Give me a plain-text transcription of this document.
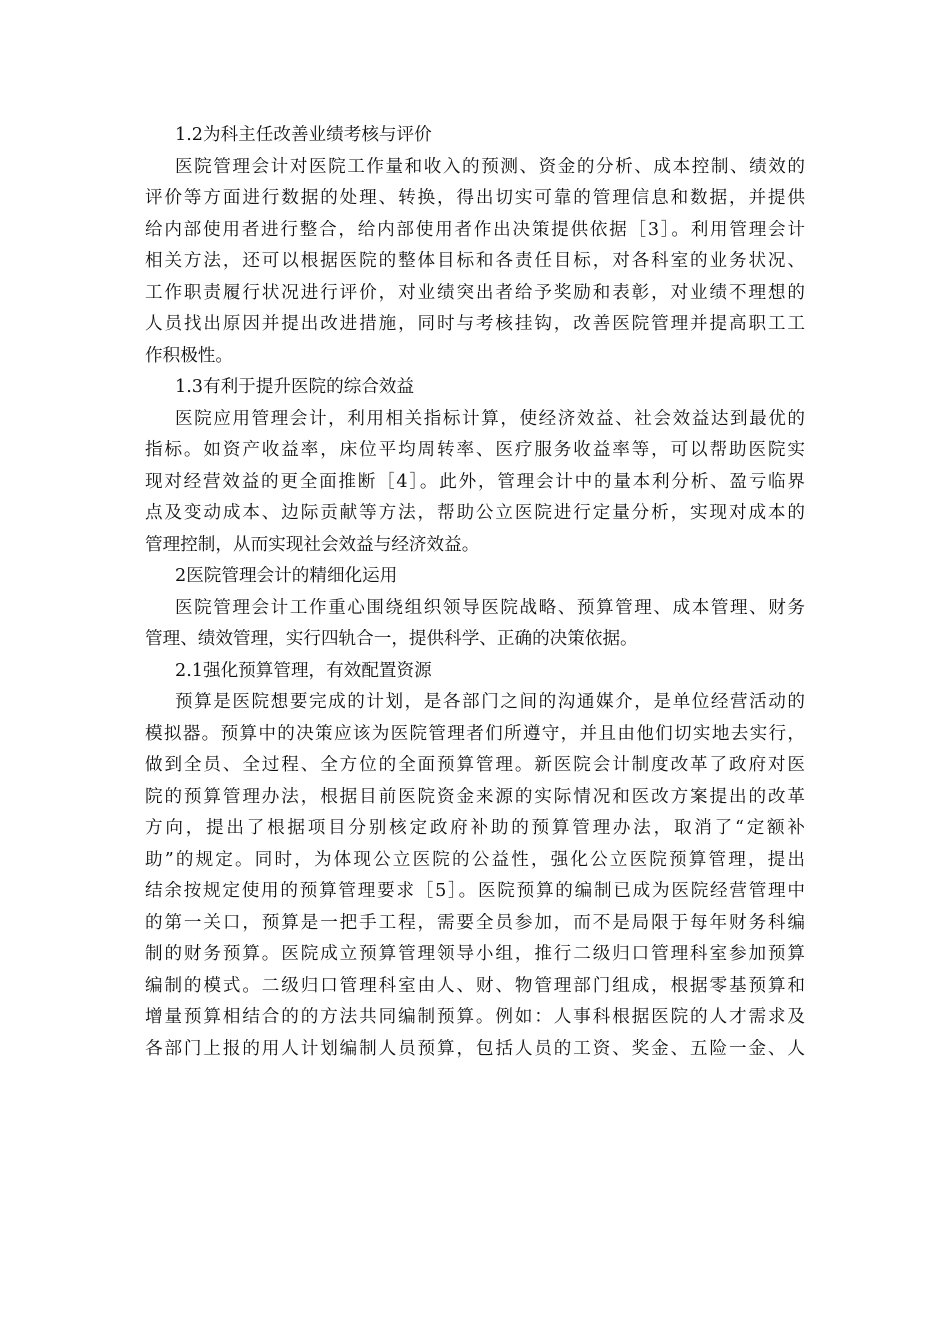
1.2为科主任改善业绩考核与评价
医院管理会计对医院工作量和收入的预测、资金的分析、成本控制、绩效的
评价等方面进行数据的处理、转换，得出切实可靠的管理信息和数据，并提供
给内部使用者进行整合，给内部使用者作出决策提供依据［3］。利用管理会计
相关方法，还可以根据医院的整体目标和各责任目标，对各科室的业务状况、
工作职责履行状况进行评价，对业绩突出者给予奖励和表彰，对业绩不理想的
人员找出原因并提出改进措施，同时与考核挂钩，改善医院管理并提高职工工
作积极性。
1.3有利于提升医院的综合效益
医院应用管理会计，利用相关指标计算，使经济效益、社会效益达到最优的
指标。如资产收益率，床位平均周转率、医疗服务收益率等，可以帮助医院实
现对经营效益的更全面推断［4］。此外，管理会计中的量本利分析、盈亏临界
点及变动成本、边际贡献等方法，帮助公立医院进行定量分析，实现对成本的
管理控制，从而实现社会效益与经济效益。
2医院管理会计的精细化运用
医院管理会计工作重心围绕组织领导医院战略、预算管理、成本管理、财务
管理、绩效管理，实行四轨合一，提供科学、正确的决策依据。
2.1强化预算管理，有效配置资源
预算是医院想要完成的计划，是各部门之间的沟通媒介，是单位经营活动的
模拟器。预算中的决策应该为医院管理者们所遵守，并且由他们切实地去实行，
做到全员、全过程、全方位的全面预算管理。新医院会计制度改革了政府对医
院的预算管理办法，根据目前医院资金来源的实际情况和医改方案提出的改革
方向，提出了根据项目分别核定政府补助的预算管理办法，取消了“定额补
助”的规定。同时，为体现公立医院的公益性，强化公立医院预算管理，提出
结余按规定使用的预算管理要求［5］。医院预算的编制已成为医院经营管理中
的第一关口，预算是一把手工程，需要全员参加，而不是局限于每年财务科编
制的财务预算。医院成立预算管理领导小组，推行二级归口管理科室参加预算
编制的模式。二级归口管理科室由人、财、物管理部门组成，根据零基预算和
增量预算相结合的的方法共同编制预算。例如：人事科根据医院的人才需求及
各部门上报的用人计划编制人员预算，包括人员的工资、奖金、五险一金、人
